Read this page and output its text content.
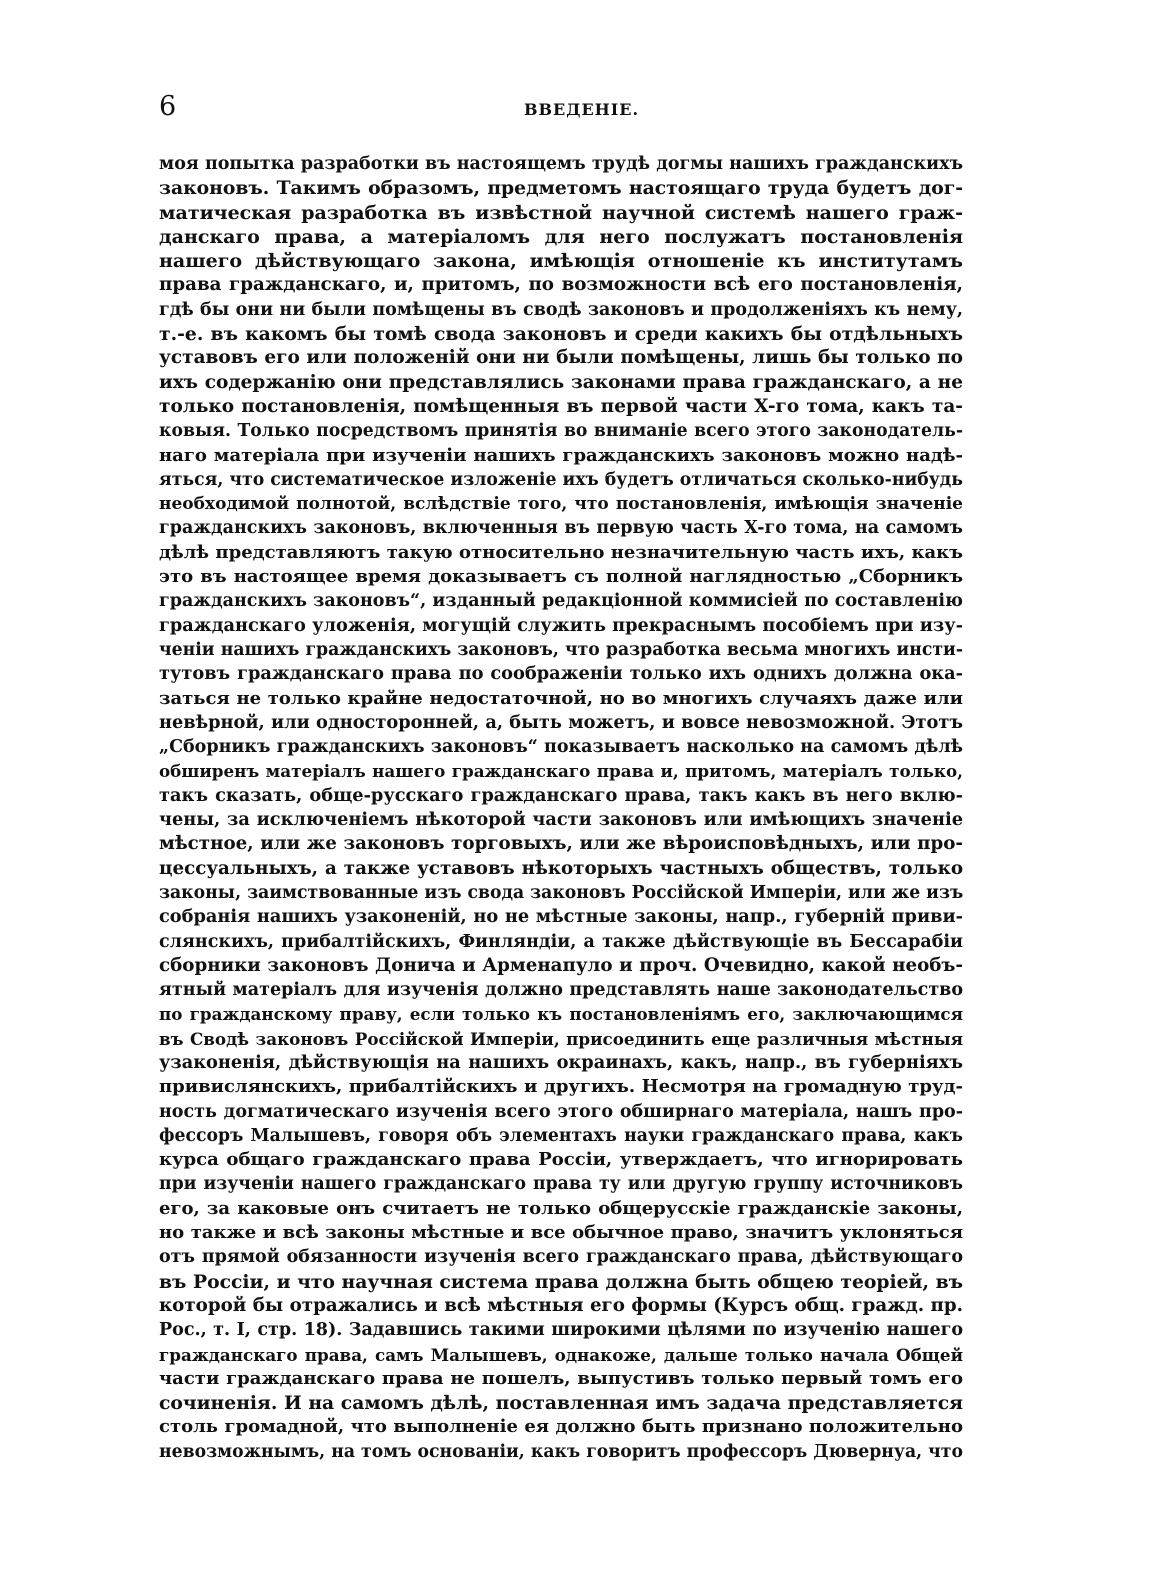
6	ВВЕДЕНІЕ.
моя попытка разработки въ настоящемъ трудѣ догмы нашихъ гражданскихъ
законовъ. Такимъ образомъ, предметомъ настоящаго труда будетъ дог-
матическая разработка въ извѣстной научной системѣ нашего граж-
данскаго права, а матеріаломъ для него послужатъ постановленія
нашего дѣйствующаго закона, имѣющія отношеніе къ институтамъ
права гражданскаго, и, притомъ, по возможности всѣ его постановленія,
гдѣ бы они ни были помѣщены въ сводѣ законовъ и продолженіяхъ къ нему,
т.-е. въ какомъ бы томѣ свода законовъ и среди какихъ бы отдѣльныхъ
уставовъ его или положеній они ни были помѣщены, лишь бы только по
ихъ содержанію они представлялись законами права гражданскаго, а не
только постановленія, помѣщенныя въ первой части X-го тома, какъ та-
ковыя. Только посредствомъ принятія во вниманіе всего этого законодатель-
наго матеріала при изученіи нашихъ гражданскихъ законовъ можно надѣ-
яться, что систематическое изложеніе ихъ будетъ отличаться сколько-нибудь
необходимой полнотой, вслѣдствіе того, что постановленія, имѣющія значеніе
гражданскихъ законовъ, включенныя въ первую часть X-го тома, на самомъ
дѣлѣ представляютъ такую относительно незначительную часть ихъ, какъ
это въ настоящее время доказываетъ съ полной наглядностью „Сборникъ
гражданскихъ законовъ“, изданный редакціонной коммисіей по составленію
гражданскаго уложенія, могущій служить прекраснымъ пособіемъ при изу-
ченіи нашихъ гражданскихъ законовъ, что разработка весьма многихъ инсти-
тутовъ гражданскаго права по соображеніи только ихъ однихъ должна ока-
заться не только крайне недостаточной, но во многихъ случаяхъ даже или
невѣрной, или односторонней, а, быть можетъ, и вовсе невозможной. Этотъ
„Сборникъ гражданскихъ законовъ“ показываетъ насколько на самомъ дѣлѣ
обширенъ матеріалъ нашего гражданскаго права и, притомъ, матеріалъ только,
такъ сказать, обще-русскаго гражданскаго права, такъ какъ въ него вклю-
чены, за исключеніемъ нѣкоторой части законовъ или имѣющихъ значеніе
мѣстное, или же законовъ торговыхъ, или же вѣроисповѣдныхъ, или про-
цессуальныхъ, а также уставовъ нѣкоторыхъ частныхъ обществъ, только
законы, заимствованные изъ свода законовъ Россійской Имперіи, или же изъ
собранія нашихъ узаконеній, но не мѣстные законы, напр., губерній приви-
слянскихъ, прибалтійскихъ, Финляндіи, а также дѣйствующіе въ Бессарабіи
сборники законовъ Донича и Арменапуло и проч. Очевидно, какой необъ-
ятный матеріалъ для изученія должно представлять наше законодательство
по гражданскому праву, если только къ постановленіямъ его, заключающимся
въ Сводѣ законовъ Россійской Имперіи, присоединить еще различныя мѣстныя
узаконенія, дѣйствующія на нашихъ окраинахъ, какъ, напр., въ губерніяхъ
привислянскихъ, прибалтійскихъ и другихъ. Несмотря на громадную труд-
ность догматическаго изученія всего этого обширнаго матеріала, нашъ про-
фессоръ Малышевъ, говоря объ элементахъ науки гражданскаго права, какъ
курса общаго гражданскаго права Россіи, утверждаетъ, что игнорировать
при изученіи нашего гражданскаго права ту или другую группу источниковъ
его, за каковые онъ считаетъ не только общерусскіе гражданскіе законы,
но также и всѣ законы мѣстные и все обычное право, значитъ уклоняться
отъ прямой обязанности изученія всего гражданскаго права, дѣйствующаго
въ Россіи, и что научная система права должна быть общею теоріей, въ
которой бы отражались и всѣ мѣстныя его формы (Курсъ общ. гражд. пр.
Рос., т. I, стр. 18). Задавшись такими широкими цѣлями по изученію нашего
гражданскаго права, самъ Малышевъ, однакоже, дальше только начала Общей
части гражданскаго права не пошелъ, выпустивъ только первый томъ его
сочиненія. И на самомъ дѣлѣ, поставленная имъ задача представляется
столь громадной, что выполненіе ея должно быть признано положительно
невозможнымъ, на томъ основаніи, какъ говоритъ профессоръ Дювернуа, что
